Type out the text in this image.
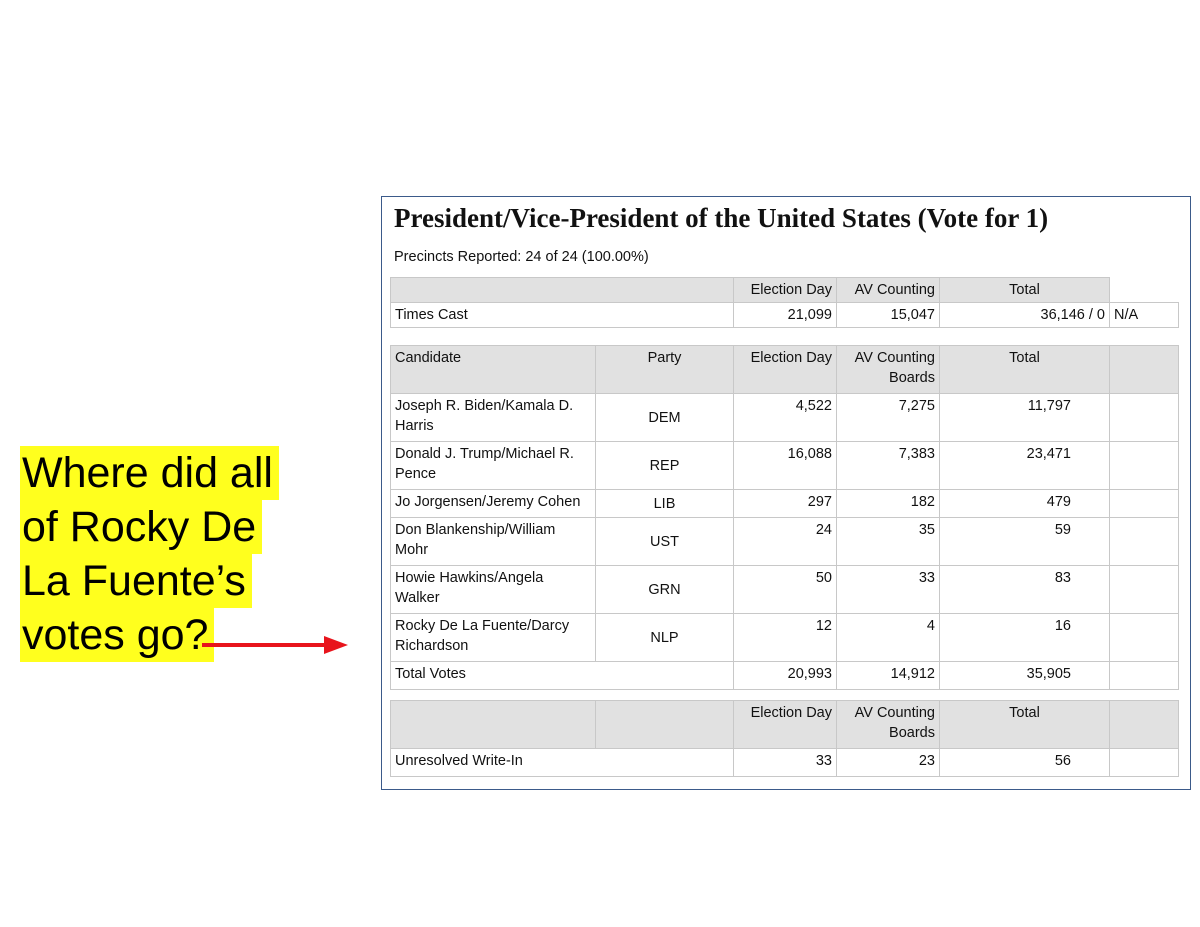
Where did all
of Rocky De
La Fuente’s
votes go?
President/Vice-President of the United States (Vote for 1)
Precincts Reported: 24 of 24 (100.00%)
	Election Day	AV Counting	Total	
Times Cast	21,099	15,047	36,146 / 0	N/A
Candidate	Party	Election Day	AV Counting Boards	Total	
Joseph R. Biden/Kamala D. Harris	DEM	4,522	7,275	11,797	
Donald J. Trump/Michael R. Pence	REP	16,088	7,383	23,471	
Jo Jorgensen/Jeremy Cohen	LIB	297	182	479	
Don Blankenship/William Mohr	UST	24	35	59	
Howie Hawkins/Angela Walker	GRN	50	33	83	
Rocky De La Fuente/Darcy Richardson	NLP	12	4	16	
Total Votes		20,993	14,912	35,905	
		Election Day	AV Counting Boards	Total	
Unresolved Write-In		33	23	56	
